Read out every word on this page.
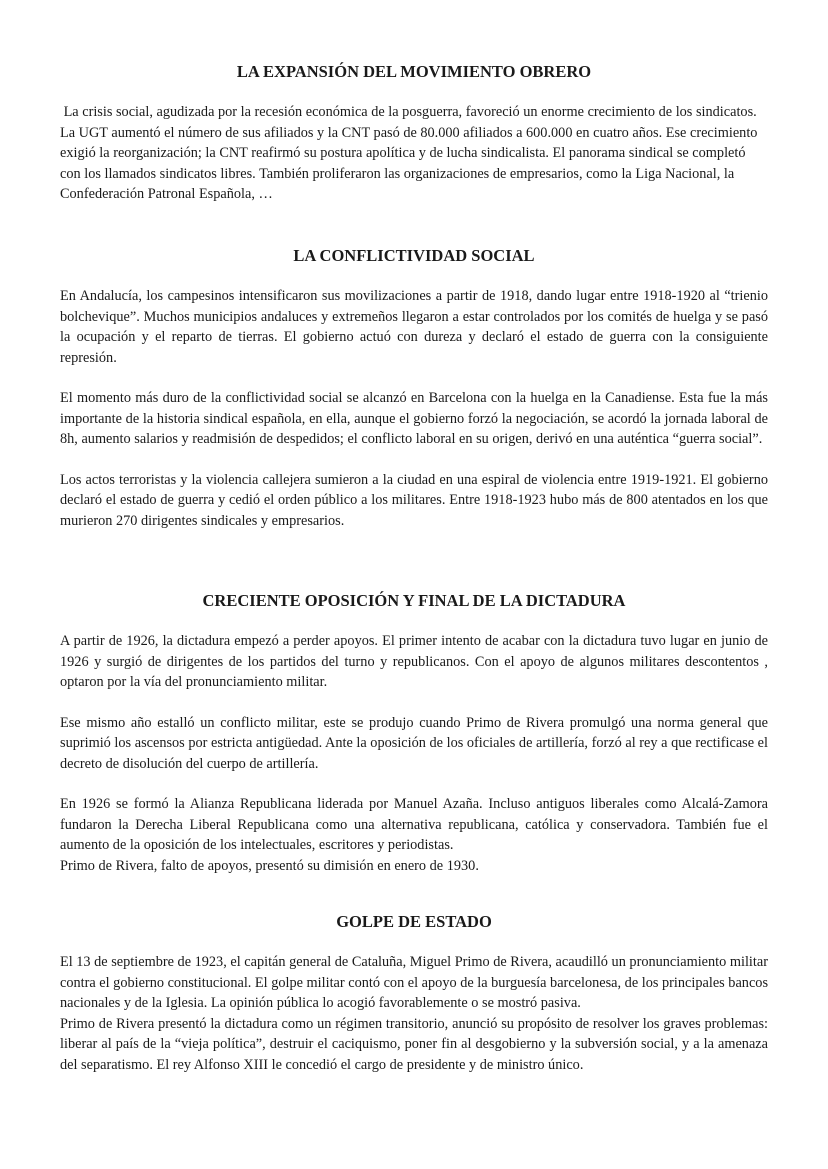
LA EXPANSIÓN DEL MOVIMIENTO OBRERO

La crisis social, agudizada por la recesión económica de la posguerra, favoreció un enorme crecimiento de los sindicatos. La UGT aumentó el número de sus afiliados y la CNT pasó de 80.000 afiliados a 600.000 en cuatro años. Ese crecimiento exigió la reorganización; la CNT reafirmó su postura apolítica y de lucha sindicalista. El panorama sindical se completó con los llamados sindicatos libres. También proliferaron las organizaciones de empresarios, como la Liga Nacional, la Confederación Patronal Española, …

LA CONFLICTIVIDAD SOCIAL

En Andalucía, los campesinos intensificaron sus movilizaciones a partir de 1918, dando lugar entre 1918-1920 al “trienio bolchevique”. Muchos municipios andaluces y extremeños llegaron a estar controlados por los comités de huelga y se pasó la ocupación y el reparto de tierras. El gobierno actuó con dureza y declaró el estado de guerra con la consiguiente represión.

El momento más duro de la conflictividad social se alcanzó en Barcelona con la huelga en la Canadiense. Esta fue la más importante de la historia sindical española, en ella, aunque el gobierno forzó la negociación, se acordó la jornada laboral de 8h, aumento salarios y readmisión de despedidos; el conflicto laboral en su origen, derivó en una auténtica “guerra social”.

Los actos terroristas y la violencia callejera sumieron a la ciudad en una espiral de violencia entre 1919-1921. El gobierno declaró el estado de guerra y cedió el orden público a los militares. Entre 1918-1923 hubo más de 800 atentados en los que murieron 270 dirigentes sindicales y empresarios.

CRECIENTE OPOSICIÓN Y FINAL DE LA DICTADURA

A partir de 1926, la dictadura empezó a perder apoyos. El primer intento de acabar con la dictadura tuvo lugar en junio de 1926 y surgió de dirigentes de los partidos del turno y republicanos. Con el apoyo de algunos militares descontentos , optaron por la vía del pronunciamiento militar.

Ese mismo año estalló un conflicto militar, este se produjo cuando Primo de Rivera promulgó una norma general que suprimió los ascensos por estricta antigüedad. Ante la oposición de los oficiales de artillería, forzó al rey a que rectificase el decreto de disolución del cuerpo de artillería.

En 1926 se formó la Alianza Republicana liderada por Manuel Azaña. Incluso antiguos liberales como Alcalá-Zamora fundaron la Derecha Liberal Republicana como una alternativa republicana, católica y conservadora. También fue el aumento de la oposición de los intelectuales, escritores y periodistas.

Primo de Rivera, falto de apoyos, presentó su dimisión en enero de 1930.

GOLPE DE ESTADO

El 13 de septiembre de 1923, el capitán general de Cataluña, Miguel Primo de Rivera, acaudilló un pronunciamiento militar contra el gobierno constitucional. El golpe militar contó con el apoyo de la burguesía barcelonesa, de los principales bancos nacionales y de la Iglesia. La opinión pública lo acogió favorablemente o se mostró pasiva.

Primo de Rivera presentó la dictadura como un régimen transitorio, anunció su propósito de resolver los graves problemas: liberar al país de la “vieja política”, destruir el caciquismo, poner fin al desgobierno y la subversión social, y a la amenaza del separatismo. El rey Alfonso XIII le concedió el cargo de presidente y de ministro único.
